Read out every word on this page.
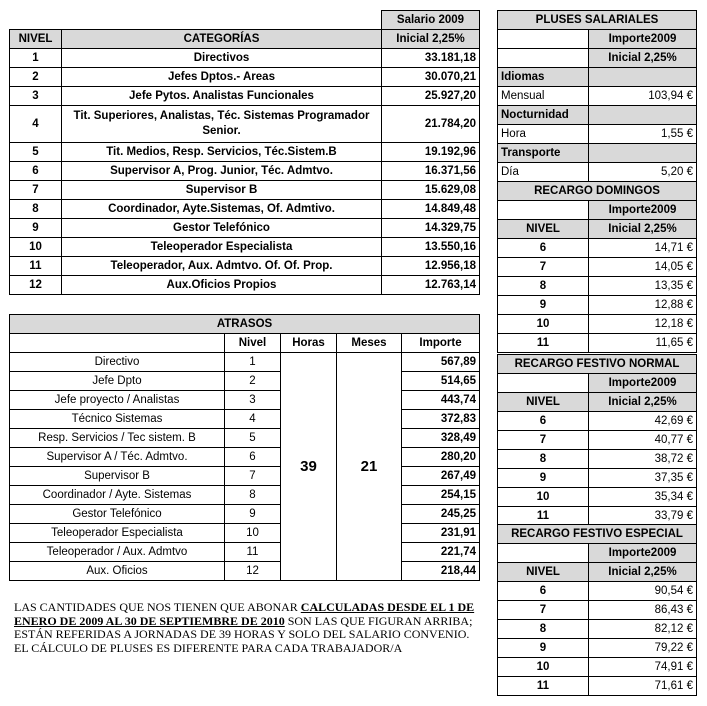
		Salario 2009
NIVEL	CATEGORÍAS	Inicial 2,25%
1	Directivos	33.181,18
2	Jefes Dptos.- Areas	30.070,21
3	Jefe Pytos. Analistas Funcionales	25.927,20
4	Tit. Superiores, Analistas, Téc. Sistemas Programador Senior.	21.784,20
5	Tit. Medios, Resp. Servicios, Téc.Sistem.B	19.192,96
6	Supervisor A, Prog. Junior, Téc. Admtvo.	16.371,56
7	Supervisor B	15.629,08
8	Coordinador, Ayte.Sistemas, Of. Admtivo.	14.849,48
9	Gestor Telefónico	14.329,75
10	Teleoperador Especialista	13.550,16
11	Teleoperador, Aux. Admtvo. Of. Of. Prop.	12.956,18
12	Aux.Oficios Propios	12.763,14
ATRASOS				
	Nivel	Horas	Meses	Importe
Directivo	1	39	21	567,89
Jefe Dpto	2			514,65
Jefe proyecto / Analistas	3			443,74
Técnico Sistemas	4			372,83
Resp. Servicios / Tec sistem. B	5			328,49
Supervisor A / Téc. Admtvo.	6			280,20
Supervisor B	7			267,49
Coordinador / Ayte. Sistemas	8			254,15
Gestor Telefónico	9			245,25
Teleoperador Especialista	10			231,91
Teleoperador / Aux. Admtvo	11			221,74
Aux. Oficios	12			218,44
LAS CANTIDADES QUE NOS TIENEN QUE ABONAR CALCULADAS DESDE EL 1 DE ENERO DE 2009 AL 30 DE SEPTIEMBRE DE 2010 SON LAS QUE FIGURAN ARRIBA; ESTÁN REFERIDAS A JORNADAS DE 39 HORAS Y SOLO DEL SALARIO CONVENIO.
EL CÁLCULO DE PLUSES ES DIFERENTE PARA CADA TRABAJADOR/A
PLUSES SALARIALES	
	Importe2009
	Inicial 2,25%
Idiomas	
Mensual	103,94 €
Nocturnidad	
Hora	1,55 €
Transporte	
Día	5,20 €
RECARGO DOMINGOS	
	Importe2009
NIVEL	Inicial 2,25%
6	14,71 €
7	14,05 €
8	13,35 €
9	12,88 €
10	12,18 €
11	11,65 €
RECARGO FESTIVO NORMAL	
	Importe2009
NIVEL	Inicial 2,25%
6	42,69 €
7	40,77 €
8	38,72 €
9	37,35 €
10	35,34 €
11	33,79 €
RECARGO FESTIVO ESPECIAL	
	Importe2009
NIVEL	Inicial 2,25%
6	90,54 €
7	86,43 €
8	82,12 €
9	79,22 €
10	74,91 €
11	71,61 €
